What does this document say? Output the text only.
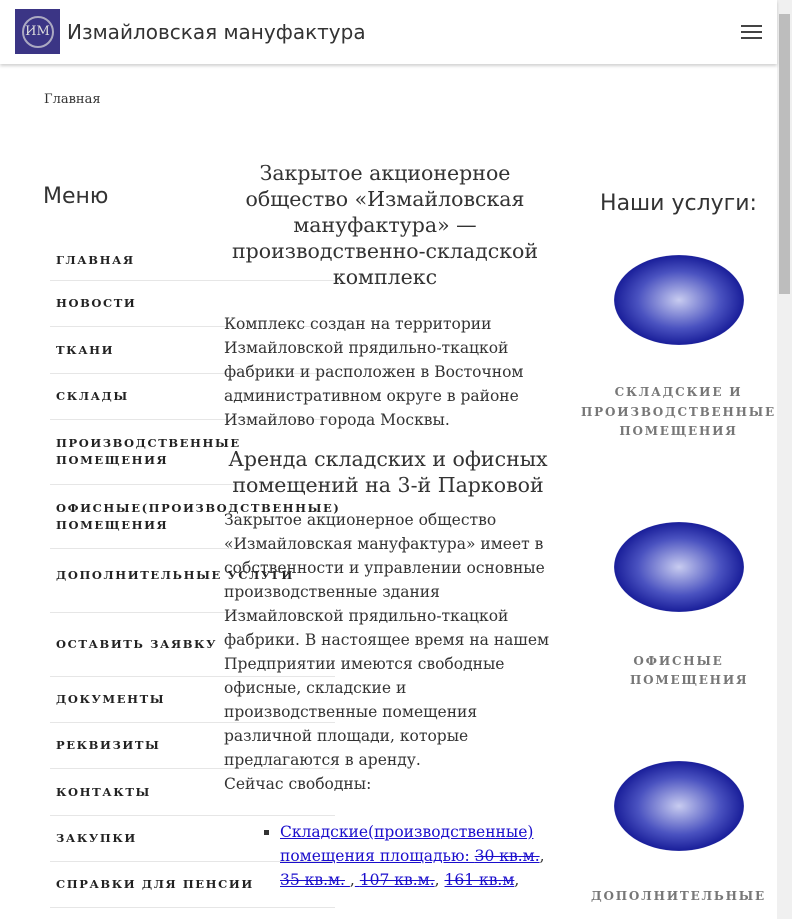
ИМ Измайловская мануфактура
Главная
Меню
ГЛАВНАЯ
НОВОСТИ
ТКАНИ
СКЛАДЫ
ПРОИЗВОДСТВЕННЫЕ ПОМЕЩЕНИЯ
ОФИСНЫЕ(ПРОИЗВОДСТВЕННЫЕ) ПОМЕЩЕНИЯ
ДОПОЛНИТЕЛЬНЫЕ УСЛУГИ
ОСТАВИТЬ ЗАЯВКУ
ДОКУМЕНТЫ
РЕКВИЗИТЫ
КОНТАКТЫ
ЗАКУПКИ
СПРАВКИ ДЛЯ ПЕНСИИ
Закрытое акционерное общество «Измайловская мануфактура» — производственно-складской комплекс

Комплекс создан на территории Измайловской прядильно-ткацкой фабрики и расположен в Восточном административном округе в районе Измайлово города Москвы.

Аренда складских и офисных помещений на 3-й Парковой
Закрытое акционерное общество «Измайловская мануфактура» имеет в собственности и управлении основные производственные здания Измайловской прядильно-ткацкой фабрики. В настоящее время на нашем Предприятии имеются свободные офисные, складские и производственные помещения различной площади, которые предлагаются в аренду.
Сейчас свободны:
▪ Складские(производственные) помещения площадью: 30 кв.м., 35 кв.м. , 107 кв.м., 161 кв.м,
Наши услуги:
СКЛАДСКИЕ И ПРОИЗВОДСТВЕННЫЕ ПОМЕЩЕНИЯ
ОФИСНЫЕ ПОМЕЩЕНИЯ
ДОПОЛНИТЕЛЬНЫЕ
